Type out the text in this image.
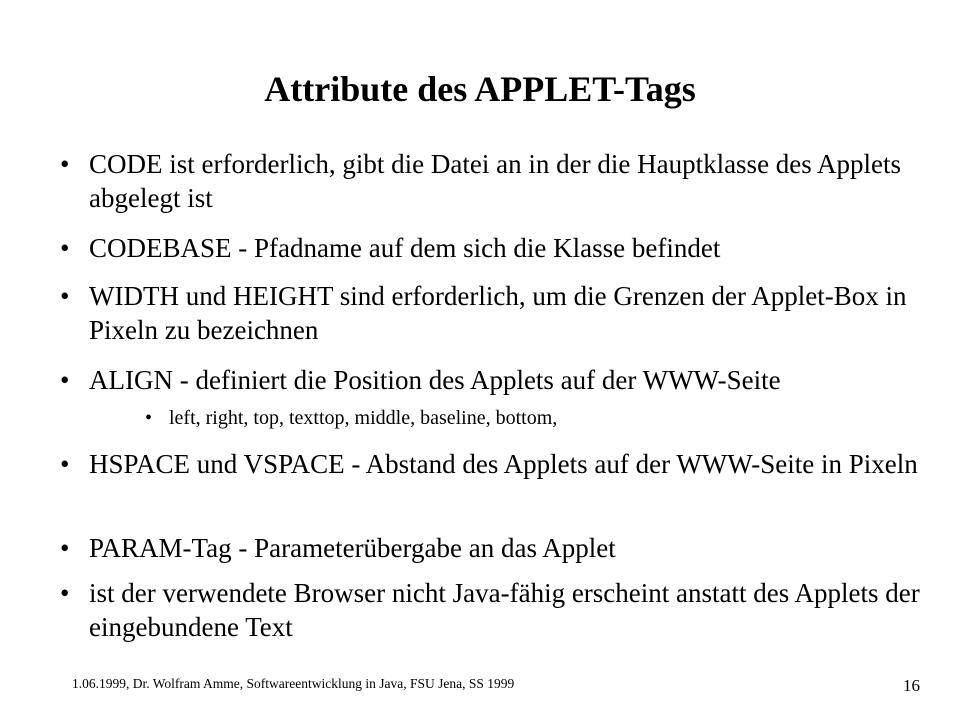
Attribute des APPLET-Tags
• CODE ist erforderlich, gibt die Datei an in der die Hauptklasse des Applets abgelegt ist
• CODEBASE - Pfadname auf dem sich die Klasse befindet
• WIDTH und HEIGHT sind erforderlich, um die Grenzen der Applet-Box in Pixeln zu bezeichnen
• ALIGN - definiert die Position des Applets auf der WWW-Seite
• left, right, top, texttop, middle, baseline, bottom,
• HSPACE und VSPACE - Abstand des Applets auf der WWW-Seite in Pixeln
• PARAM-Tag - Parameterübergabe an das Applet
• ist der verwendete Browser nicht Java-fähig erscheint anstatt des Applets der eingebundene Text
1.06.1999, Dr. Wolfram Amme, Softwareentwicklung in Java, FSU Jena, SS 1999	16
